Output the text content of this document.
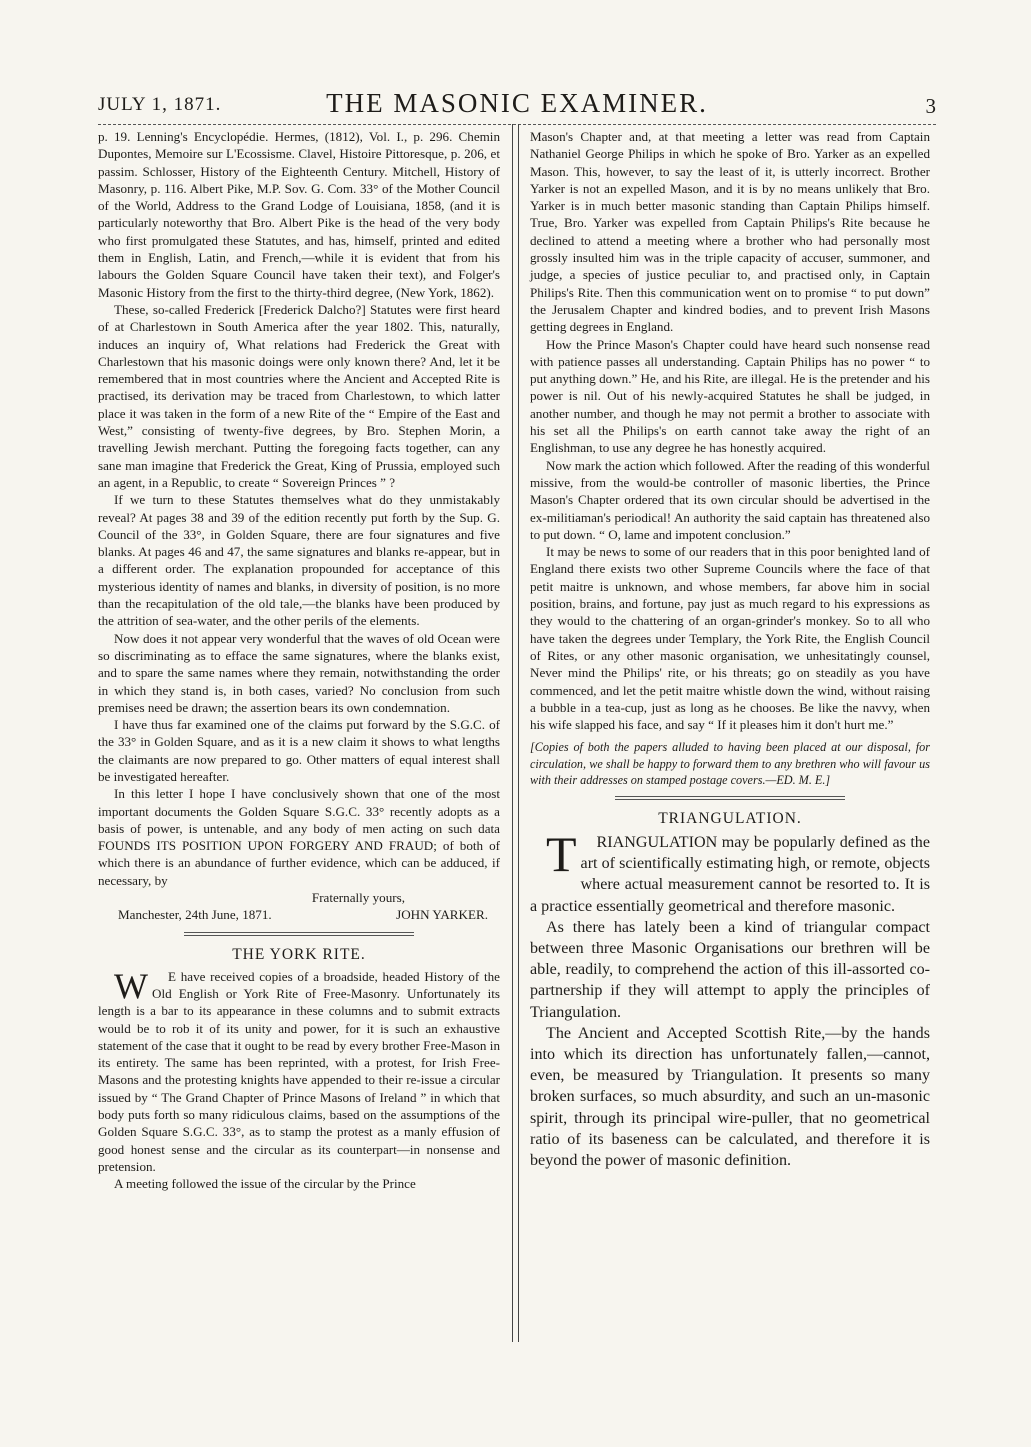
JULY 1, 1871.	THE MASONIC EXAMINER.	3

p. 19. Lenning's Encyclopédie. Hermes, (1812), Vol. I., p. 296. Chemin Dupontes, Memoire sur L'Ecossisme. Clavel, Histoire Pittoresque, p. 206, et passim. Schlosser, History of the Eighteenth Century. Mitchell, History of Masonry, p. 116. Albert Pike, M.P. Sov. G. Com. 33° of the Mother Council of the World, Address to the Grand Lodge of Louisiana, 1858, (and it is particularly noteworthy that Bro. Albert Pike is the head of the very body who first promulgated these Statutes, and has, himself, printed and edited them in English, Latin, and French,—while it is evident that from his labours the Golden Square Council have taken their text), and Folger's Masonic History from the first to the thirty-third degree, (New York, 1862).

These, so-called Frederick [Frederick Dalcho?] Statutes were first heard of at Charlestown in South America after the year 1802. This, naturally, induces an inquiry of, What relations had Frederick the Great with Charlestown that his masonic doings were only known there? And, let it be remembered that in most countries where the Ancient and Accepted Rite is practised, its derivation may be traced from Charlestown, to which latter place it was taken in the form of a new Rite of the “ Empire of the East and West,” consisting of twenty-five degrees, by Bro. Stephen Morin, a travelling Jewish merchant. Putting the foregoing facts together, can any sane man imagine that Frederick the Great, King of Prussia, employed such an agent, in a Republic, to create “ Sovereign Princes ” ?

If we turn to these Statutes themselves what do they unmistakably reveal? At pages 38 and 39 of the edition recently put forth by the Sup. G. Council of the 33°, in Golden Square, there are four signatures and five blanks. At pages 46 and 47, the same signatures and blanks re-appear, but in a different order. The explanation propounded for acceptance of this mysterious identity of names and blanks, in diversity of position, is no more than the recapitulation of the old tale,—the blanks have been produced by the attrition of sea-water, and the other perils of the elements.

Now does it not appear very wonderful that the waves of old Ocean were so discriminating as to efface the same signatures, where the blanks exist, and to spare the same names where they remain, notwithstanding the order in which they stand is, in both cases, varied? No conclusion from such premises need be drawn; the assertion bears its own condemnation.

I have thus far examined one of the claims put forward by the S.G.C. of the 33° in Golden Square, and as it is a new claim it shows to what lengths the claimants are now prepared to go. Other matters of equal interest shall be investigated hereafter.

In this letter I hope I have conclusively shown that one of the most important documents the Golden Square S.G.C. 33° recently adopts as a basis of power, is untenable, and any body of men acting on such data FOUNDS ITS POSITION UPON FORGERY AND FRAUD; of both of which there is an abundance of further evidence, which can be adduced, if necessary, by

Fraternally yours,
Manchester, 24th June, 1871.	JOHN YARKER.
THE YORK RITE.

W	E have received copies of a broadside, headed History of the Old English or York Rite of Free-Masonry. Unfortunately its length is a bar to its appearance in these columns and to submit extracts would be to rob it of its unity and power, for it is such an exhaustive statement of the case that it ought to be read by every brother Free-Mason in its entirety. The same has been reprinted, with a protest, for Irish Free-Masons and the protesting knights have appended to their re-issue a circular issued by “ The Grand Chapter of Prince Masons of Ireland ” in which that body puts forth so many ridiculous claims, based on the assumptions of the Golden Square S.G.C. 33°, as to stamp the protest as a manly effusion of good honest sense and the circular as its counterpart—in nonsense and pretension.

A meeting followed the issue of the circular by the Prince

Mason's Chapter and, at that meeting a letter was read from Captain Nathaniel George Philips in which he spoke of Bro. Yarker as an expelled Mason. This, however, to say the least of it, is utterly incorrect. Brother Yarker is not an expelled Mason, and it is by no means unlikely that Bro. Yarker is in much better masonic standing than Captain Philips himself. True, Bro. Yarker was expelled from Captain Philips's Rite because he declined to attend a meeting where a brother who had personally most grossly insulted him was in the triple capacity of accuser, summoner, and judge, a species of justice peculiar to, and practised only, in Captain Philips's Rite. Then this communication went on to promise “ to put down” the Jerusalem Chapter and kindred bodies, and to prevent Irish Masons getting degrees in England.

How the Prince Mason's Chapter could have heard such nonsense read with patience passes all understanding. Captain Philips has no power “ to put anything down.” He, and his Rite, are illegal. He is the pretender and his power is nil. Out of his newly-acquired Statutes he shall be judged, in another number, and though he may not permit a brother to associate with his set all the Philips's on earth cannot take away the right of an Englishman, to use any degree he has honestly acquired.

Now mark the action which followed. After the reading of this wonderful missive, from the would-be controller of masonic liberties, the Prince Mason's Chapter ordered that its own circular should be advertised in the ex-militiaman's periodical! An authority the said captain has threatened also to put down. “ O, lame and impotent conclusion.”

It may be news to some of our readers that in this poor benighted land of England there exists two other Supreme Councils where the face of that petit maitre is unknown, and whose members, far above him in social position, brains, and fortune, pay just as much regard to his expressions as they would to the chattering of an organ-grinder's monkey. So to all who have taken the degrees under Templary, the York Rite, the English Council of Rites, or any other masonic organisation, we unhesitatingly counsel, Never mind the Philips' rite, or his threats; go on steadily as you have commenced, and let the petit maitre whistle down the wind, without raising a bubble in a tea-cup, just as long as he chooses. Be like the navvy, when his wife slapped his face, and say “ If it pleases him it don't hurt me.”

[Copies of both the papers alluded to having been placed at our disposal, for circulation, we shall be happy to forward them to any brethren who will favour us with their addresses on stamped postage covers.—ED. M. E.]

TRIANGULATION.

T RIANGULATION may be popularly defined as the art of scientifically estimating high, or remote, objects where actual measurement cannot be resorted to. It is a practice essentially geometrical and therefore masonic.

As there has lately been a kind of triangular compact between three Masonic Organisations our brethren will be able, readily, to comprehend the action of this ill-assorted co-partnership if they will attempt to apply the principles of Triangulation.

The Ancient and Accepted Scottish Rite,—by the hands into which its direction has unfortunately fallen,—cannot, even, be measured by Triangulation. It presents so many broken surfaces, so much absurdity, and such an un-masonic spirit, through its principal wire-puller, that no geometrical ratio of its baseness can be calculated, and therefore it is beyond the power of masonic definition.
